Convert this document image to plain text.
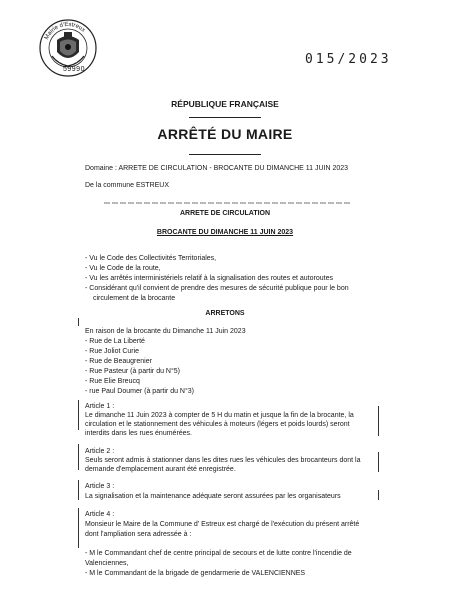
Mairie d'Estreux
59990
015/2023
RÉPUBLIQUE FRANÇAISE
ARRÊTÉ DU MAIRE
Domaine : ARRETE DE CIRCULATION - BROCANTE DU DIMANCHE 11 JUIN 2023
De la commune ESTREUX
ARRETE DE CIRCULATION
BROCANTE DU DIMANCHE 11 JUIN 2023
- Vu le Code des Collectivités Territoriales,
- Vu le Code de la route,
- Vu les arrêtés interministériels relatif à la signalisation des routes et autoroutes
- Considérant qu'il convient de prendre des mesures de sécurité publique pour le bon
circulement de la brocante
ARRETONS
En raison de la brocante du Dimanche 11 Juin 2023
- Rue de La Liberté
- Rue Joliot Curie
- Rue de Beaugrenier
- Rue Pasteur (à partir du N°5)
- Rue Elie Breucq
- rue Paul Doumer (à partir du N°3)
Article 1 :
Le dimanche 11 Juin 2023 à compter de 5 H du matin et jusque la fin de la brocante, la
circulation et le stationnement des véhicules à moteurs (légers et poids lourds) seront
interdits dans les rues énumérées.
Article 2 :
Seuls seront admis à stationner dans les dites rues les véhicules des brocanteurs dont la
demande d'emplacement aurant été enregistrée.
Article 3 :
La signalisation et la maintenance adéquate seront assurées par les organisateurs
Article 4 :
Monsieur le Maire de la Commune d' Estreux est chargé de l'exécution du présent arrêté
dont l'ampliation sera adressée à :
- M le Commandant chef de centre principal de secours et de lutte contre l'incendie de
Valenciennes,
- M le Commandant de la brigade de gendarmerie de VALENCIENNES
